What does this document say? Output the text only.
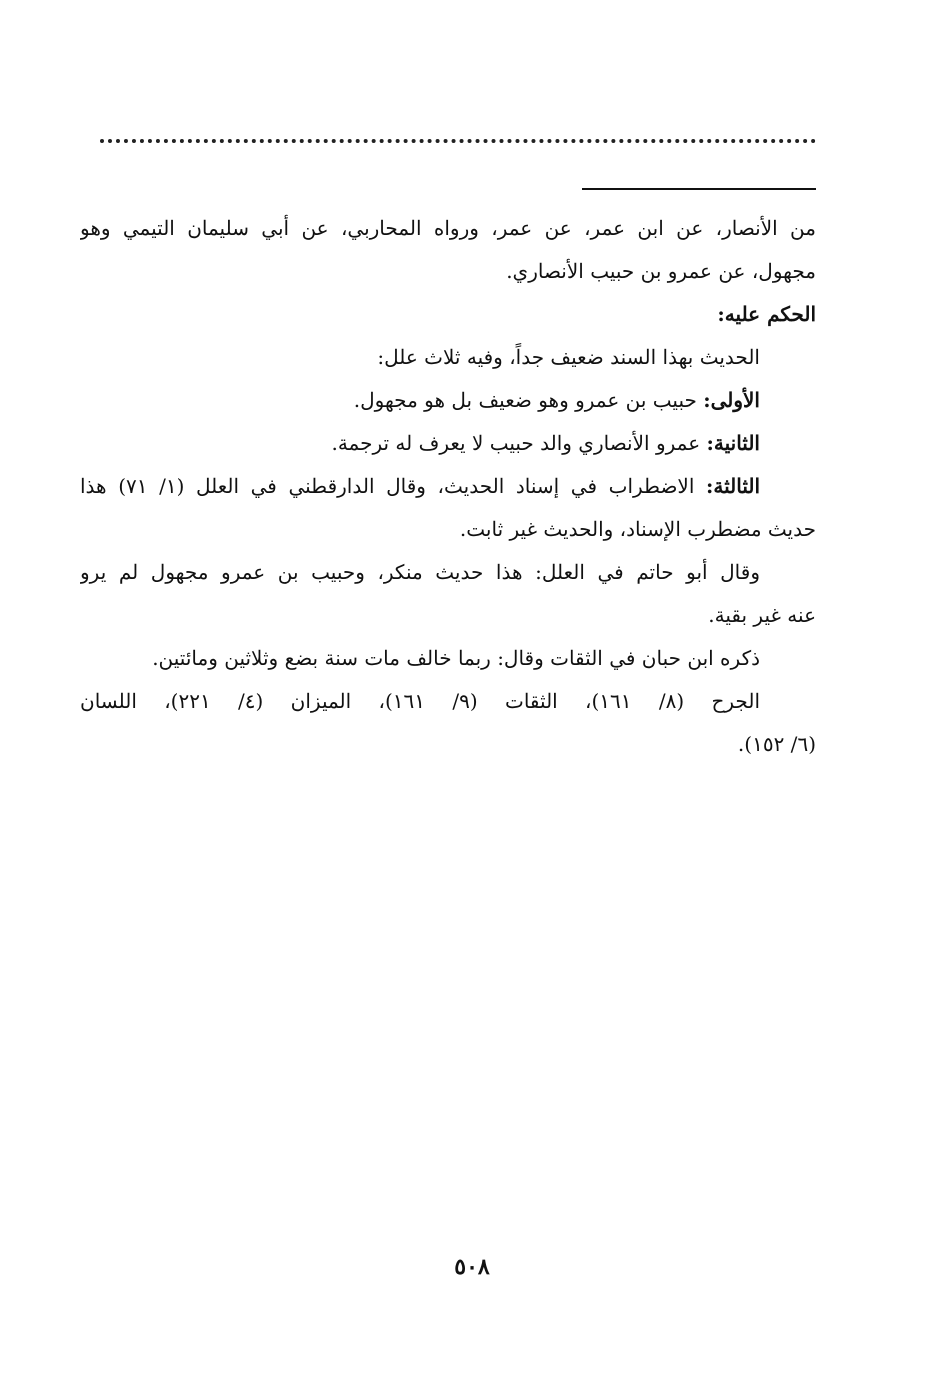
من الأنصار، عن ابن عمر، عن عمر، ورواه المحاربي، عن أبي سليمان التيمي وهو
مجهول، عن عمرو بن حبيب الأنصاري.
الحكم عليه:
الحديث بهذا السند ضعيف جداً، وفيه ثلاث علل:
الأولى: حبيب بن عمرو وهو ضعيف بل هو مجهول.
الثانية: عمرو الأنصاري والد حبيب لا يعرف له ترجمة.
الثالثة: الاضطراب في إسناد الحديث، وقال الدارقطني في العلل (١/ ٧١) هذا
حديث مضطرب الإسناد، والحديث غير ثابت.
وقال أبو حاتم في العلل: هذا حديث منكر، وحبيب بن عمرو مجهول لم يرو
عنه غير بقية.
ذكره ابن حبان في الثقات وقال: ربما خالف مات سنة بضع وثلاثين ومائتين.
الجرح (٨/ ١٦١)، الثقات (٩/ ١٦١)، الميزان (٤/ ٢٢١)، اللسان
(٦/ ١٥٢).
٥٠٨
